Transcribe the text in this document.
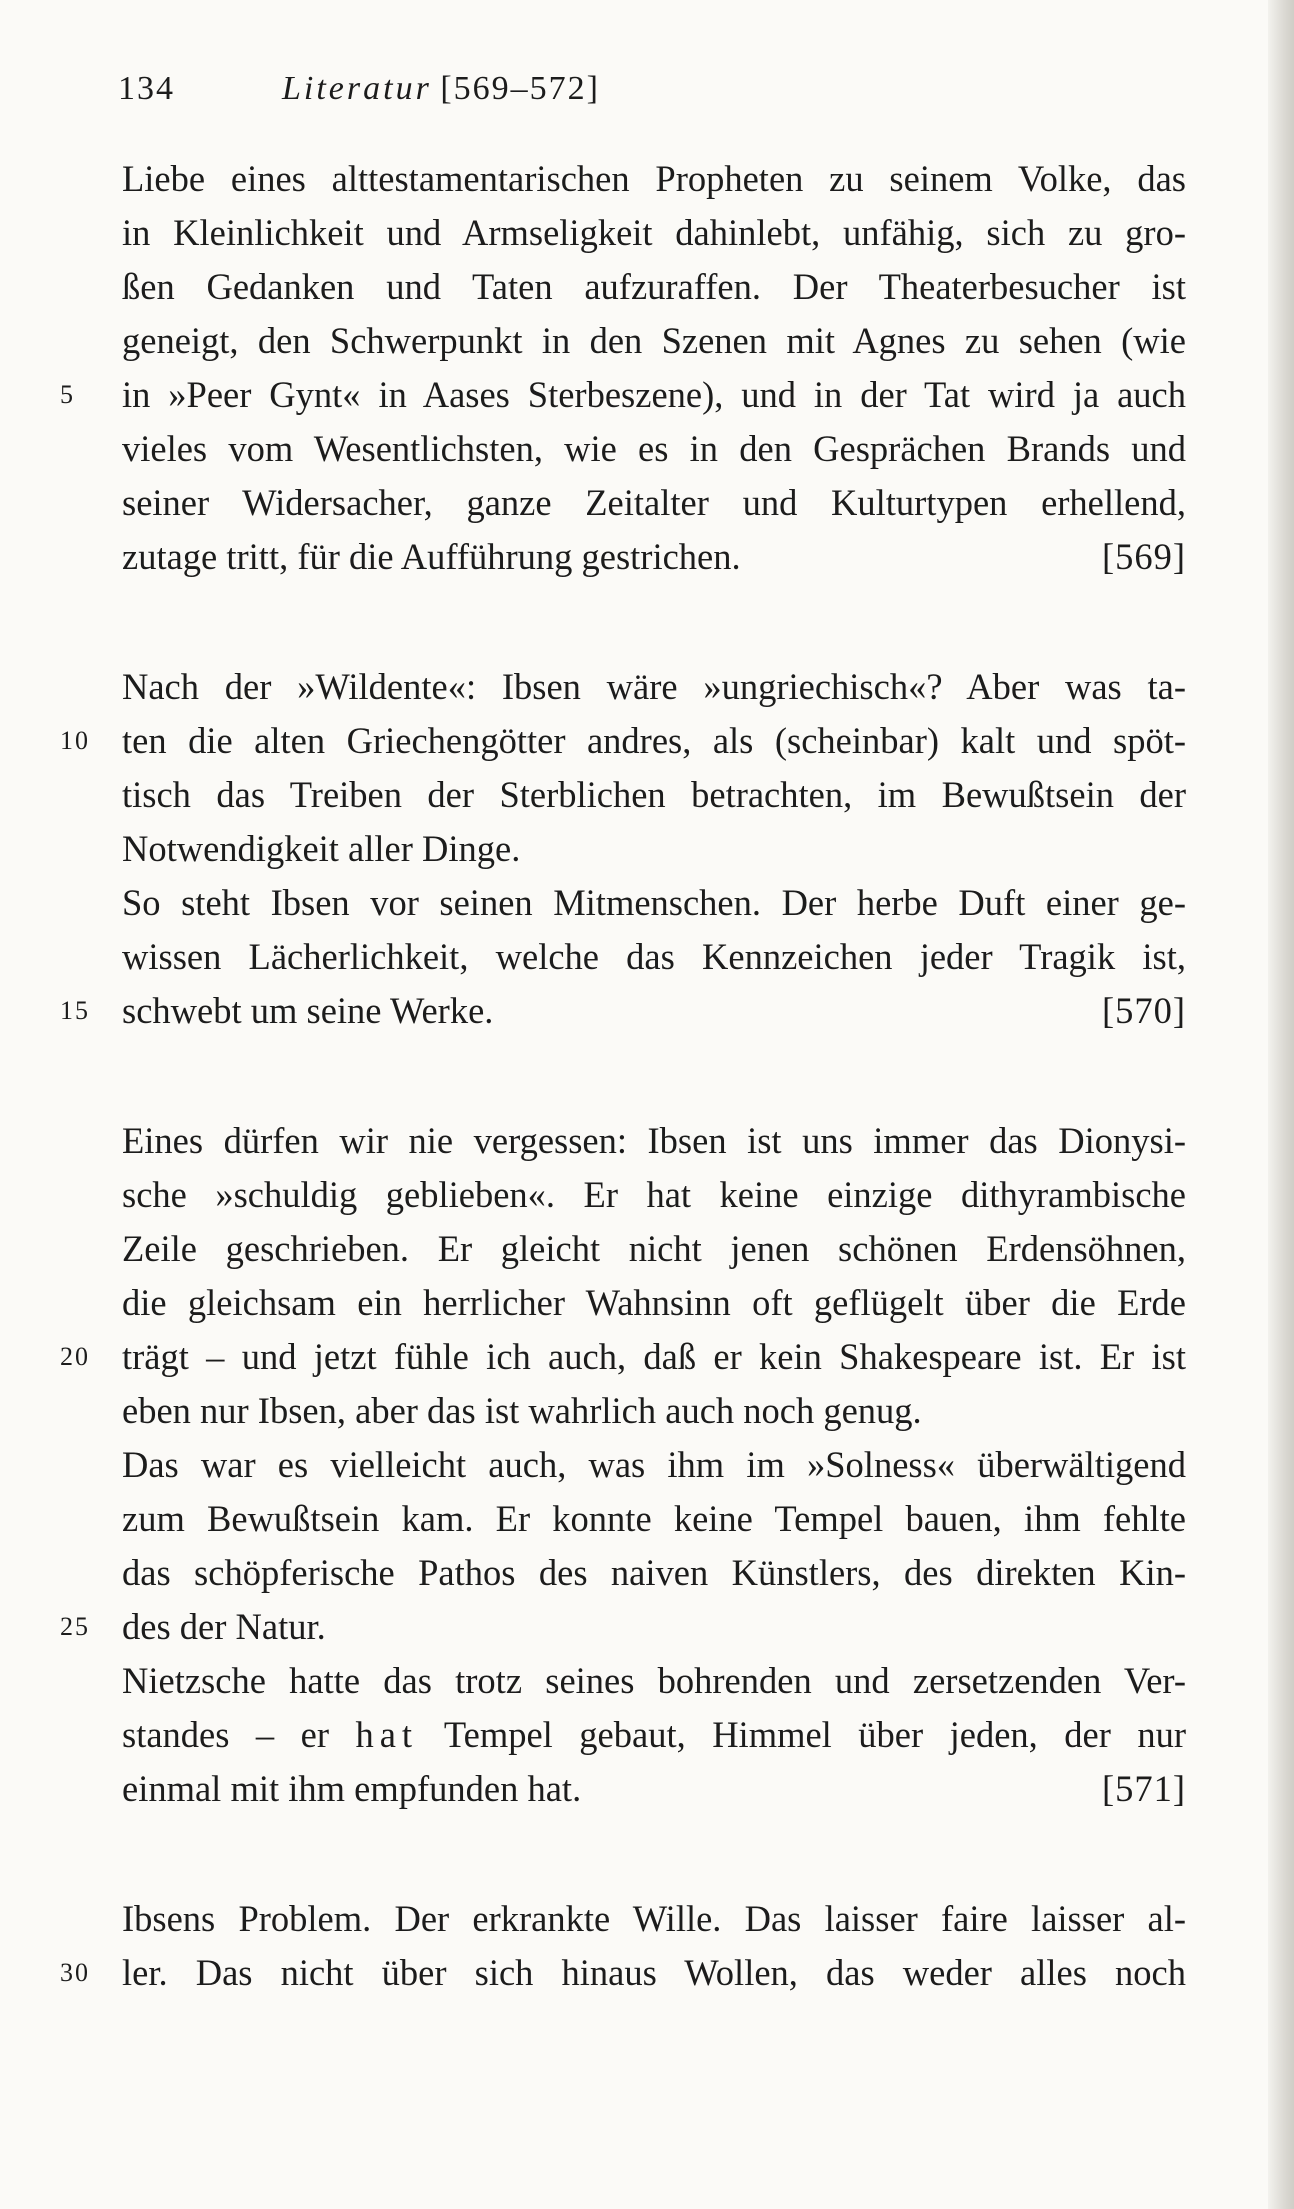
134	Literatur [569–572]
Liebe eines alttestamentarischen Propheten zu seinem Volke, das
in Kleinlichkeit und Armseligkeit dahinlebt, unfähig, sich zu gro-
ßen Gedanken und Taten aufzuraffen. Der Theaterbesucher ist
geneigt, den Schwerpunkt in den Szenen mit Agnes zu sehen (wie
in »Peer Gynt« in Aases Sterbeszene), und in der Tat wird ja auch
vieles vom Wesentlichsten, wie es in den Gesprächen Brands und
seiner Widersacher, ganze Zeitalter und Kulturtypen erhellend,
zutage tritt, für die Aufführung gestrichen.	[569]
Nach der »Wildente«: Ibsen wäre »ungriechisch«? Aber was ta-
ten die alten Griechengötter andres, als (scheinbar) kalt und spöt-
tisch das Treiben der Sterblichen betrachten, im Bewußtsein der
Notwendigkeit aller Dinge.
So steht Ibsen vor seinen Mitmenschen. Der herbe Duft einer ge-
wissen Lächerlichkeit, welche das Kennzeichen jeder Tragik ist,
schwebt um seine Werke.	[570]
Eines dürfen wir nie vergessen: Ibsen ist uns immer das Dionysi-
sche »schuldig geblieben«. Er hat keine einzige dithyrambische
Zeile geschrieben. Er gleicht nicht jenen schönen Erdensöhnen,
die gleichsam ein herrlicher Wahnsinn oft geflügelt über die Erde
trägt – und jetzt fühle ich auch, daß er kein Shakespeare ist. Er ist
eben nur Ibsen, aber das ist wahrlich auch noch genug.
Das war es vielleicht auch, was ihm im »Solness« überwältigend
zum Bewußtsein kam. Er konnte keine Tempel bauen, ihm fehlte
das schöpferische Pathos des naiven Künstlers, des direkten Kin-
des der Natur.
Nietzsche hatte das trotz seines bohrenden und zersetzenden Ver-
standes – er hat Tempel gebaut, Himmel über jeden, der nur
einmal mit ihm empfunden hat.	[571]
Ibsens Problem. Der erkrankte Wille. Das laisser faire laisser al-
ler. Das nicht über sich hinaus Wollen, das weder alles noch
5
10
15
20
25
30
